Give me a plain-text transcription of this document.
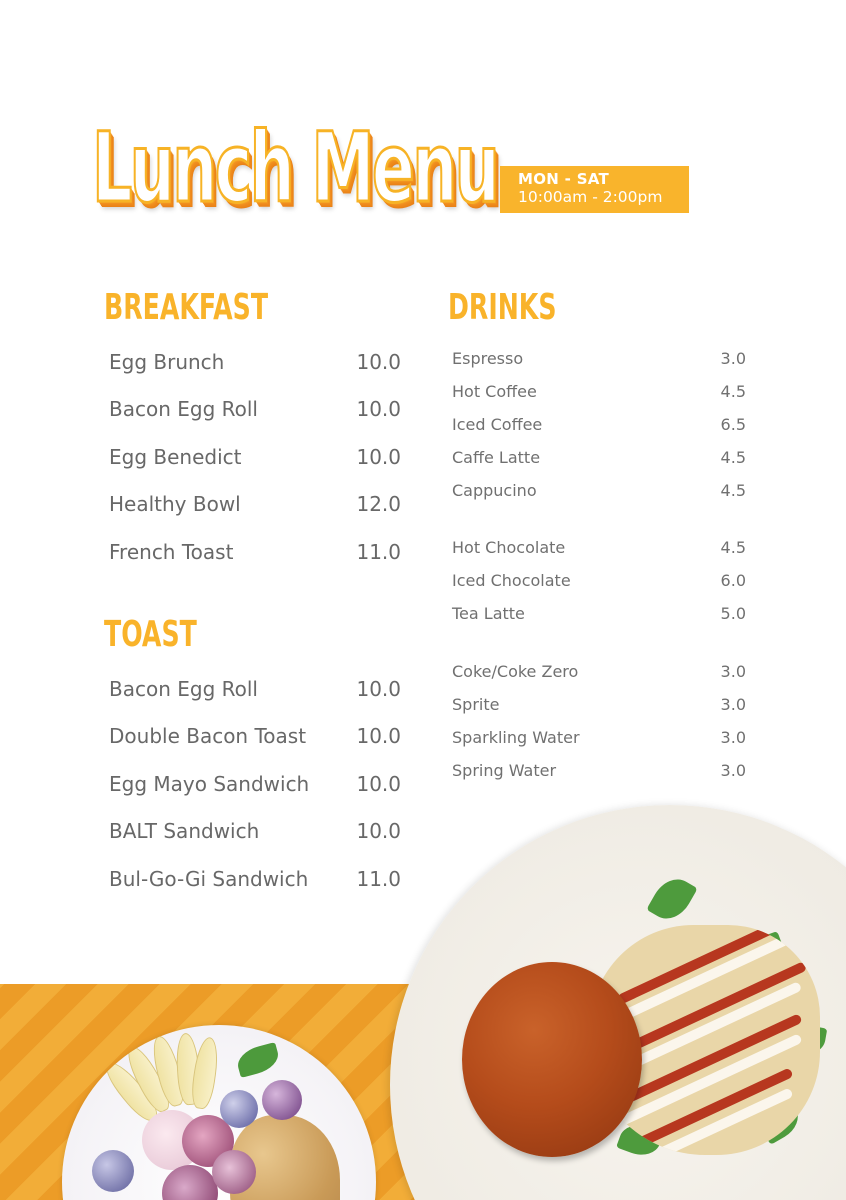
Lunch Menu MON - SAT
10:00am - 2:00pm
BREAKFAST
Egg Brunch	10.0
Bacon Egg Roll	10.0
Egg Benedict	10.0
Healthy Bowl	12.0
French Toast	11.0
TOAST
Bacon Egg Roll	10.0
Double Bacon Toast	10.0
Egg Mayo Sandwich 10.0
BALT Sandwich	10.0
Bul-Go-Gi Sandwich 11.0
DRINKS
Espresso	3.0
Hot Coffee	4.5
Iced Coffee	6.5
Caffe Latte	4.5
Cappucino	4.5
Hot Chocolate	4.5
Iced Chocolate	6.0
Tea Latte	5.0
Coke/Coke Zero	3.0
Sprite	3.0
Sparkling Water	3.0
Spring Water	3.0
